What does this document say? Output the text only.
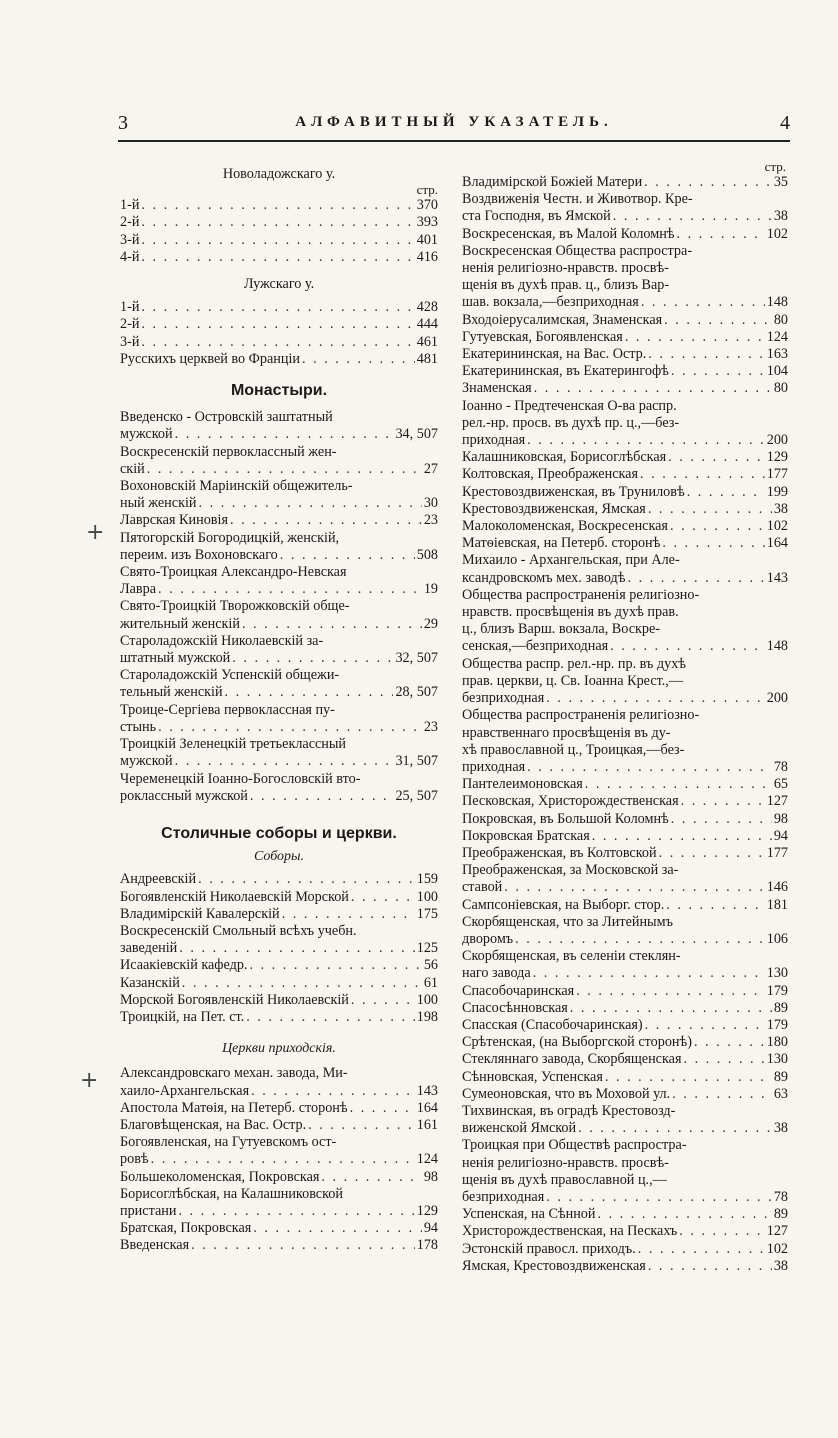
3	АЛФАВИТНЫЙ УКАЗАТЕЛЬ.	4
Новоладожскаго у.
стр.
1-й . . .	370
2-й . . .	393
3-й . . .	401
4-й . . .	416
Лужскаго у.
1-й . . .	428
2-й . . .	444
3-й . . .	461
Русскихъ церквей во Франціи . . .	481
Монастыри.
Введенско - Островскій заштатный
мужской . . .	34, 507
Воскресенскій первоклассный жен-
скій . . .	27
Вохоновскій Маріинскій общежитель-
ный женскій . . .	30
Лаврская Киновія . . .	23
Пятогорскій Богородицкій, женскій,
переим. изъ Вохоновскаго . . .	508
Свято-Троицкая Александро-Невская
Лавра . . .	19
Свято-Троицкій Творожковскій обще-
жительный женскій . . .	29
Староладожскій Николаевскій за-
штатный мужской . . .	32, 507
Староладожскій Успенскій общежи-
тельный женскій . . .	28, 507
Троице-Сергіева первоклассная пу-
стынь . . .	23
Троицкій Зеленецкій третьеклассный
мужской . . .	31, 507
Череменецкій Іоанно-Богословскій вто-
роклассный мужской . . .	25, 507
Столичные соборы и церкви.
Соборы.
Андреевскій . . .	159
Богоявленскій Николаевскій Морской . . .	100
Владимірскій Кавалерскій . . .	175
Воскресенскій Смольный всѣхъ учебн.
заведеній . . .	125
Исаакіевскій кафедр. . . .	56
Казанскій . . .	61
Морской Богоявленскій Николаевскій . . .	100
Троицкій, на Пет. ст. . . .	198
Церкви приходскія.
Александровскаго механ. завода, Ми-
хаило-Архангельская . . .	143
Апостола Матѳія, на Петерб. сторонѣ . . .	164
Благовѣщенская, на Вас. Остр. . . .	161
Богоявленская, на Гутуевскомъ ост-
ровѣ . . .	124
Большеколоменская, Покровская . . .	98
Борисоглѣбская, на Калашниковской
пристани . . .	129
Братская, Покровская . . .	94
Введенская . . .	178
стр.
Владимірской Божіей Матери . . .	35
Воздвиженія Честн. и Животвор. Кре-
ста Господня, въ Ямской . . .	38
Воскресенская, въ Малой Коломнѣ . . .	102
Воскресенская Общества распростра-
ненія религіозно-нравств. просвѣ-
щенія въ духѣ прав. ц., близъ Вар-
шав. вокзала,—безприходная . . .	148
Входоіерусалимская, Знаменская . . .	80
Гутуевская, Богоявленская . . .	124
Екатерининская, на Вас. Остр. . . .	163
Екатерининская, въ Екатерингофѣ . . .	104
Знаменская . . .	80
Іоанно - Предтеченская О-ва распр.
рел.-нр. просв. въ духѣ пр. ц.,—без-
приходная . . .	200
Калашниковская, Борисоглѣбская . . .	129
Колтовская, Преображенская . . .	177
Крестовоздвиженская, въ Труниловѣ . . .	199
Крестовоздвиженская, Ямская . . .	38
Малоколоменская, Воскресенская . . .	102
Матѳіевская, на Петерб. сторонѣ . . .	164
Михаило - Архангельская, при Але-
ксандровскомъ мех. заводѣ . . .	143
Общества распространенія религіозно-
нравств. просвѣщенія въ духѣ прав.
ц., близъ Варш. вокзала, Воскре-
сенская,—безприходная . . .	148
Общества распр. рел.-нр. пр. въ духѣ
прав. церкви, ц. Св. Іоанна Крест.,—
безприходная . . .	200
Общества распространенія религіозно-
нравственнаго просвѣщенія въ ду-
хѣ православной ц., Троицкая,—без-
приходная . . .	78
Пантелеимоновская . . .	65
Песковская, Христорождественская . . .	127
Покровская, въ Большой Коломнѣ . . .	98
Покровская Братская . . .	94
Преображенская, въ Колтовской . . .	177
Преображенская, за Московской за-
ставой . . .	146
Сампсоніевская, на Выборг. стор. . . .	181
Скорбященская, что за Литейнымъ
дворомъ . . .	106
Скорбященская, въ селеніи стеклян-
наго завода . . .	130
Спасобочаринская . . .	179
Спасосѣнновская . . .	89
Спасская (Спасобочаринская) . . .	179
Срѣтенская, (на Выборгской сторонѣ) . . .	180
Стекляннаго завода, Скорбященская . . .	130
Сѣнновская, Успенская . . .	89
Сумеоновская, что въ Моховой ул. . . .	63
Тихвинская, въ оградѣ Крестовозд-
виженской Ямской . . .	38
Троицкая при Обществѣ распростра-
ненія религіозно-нравств. просвѣ-
щенія въ духѣ православной ц.,—
безприходная . . .	78
Успенская, на Сѣнной . . .	89
Христорождественская, на Пескахъ . . .	127
Эстонскій правосл. приходъ. . . .	102
Ямская, Крестовоздвиженская . . .	38
+
+
